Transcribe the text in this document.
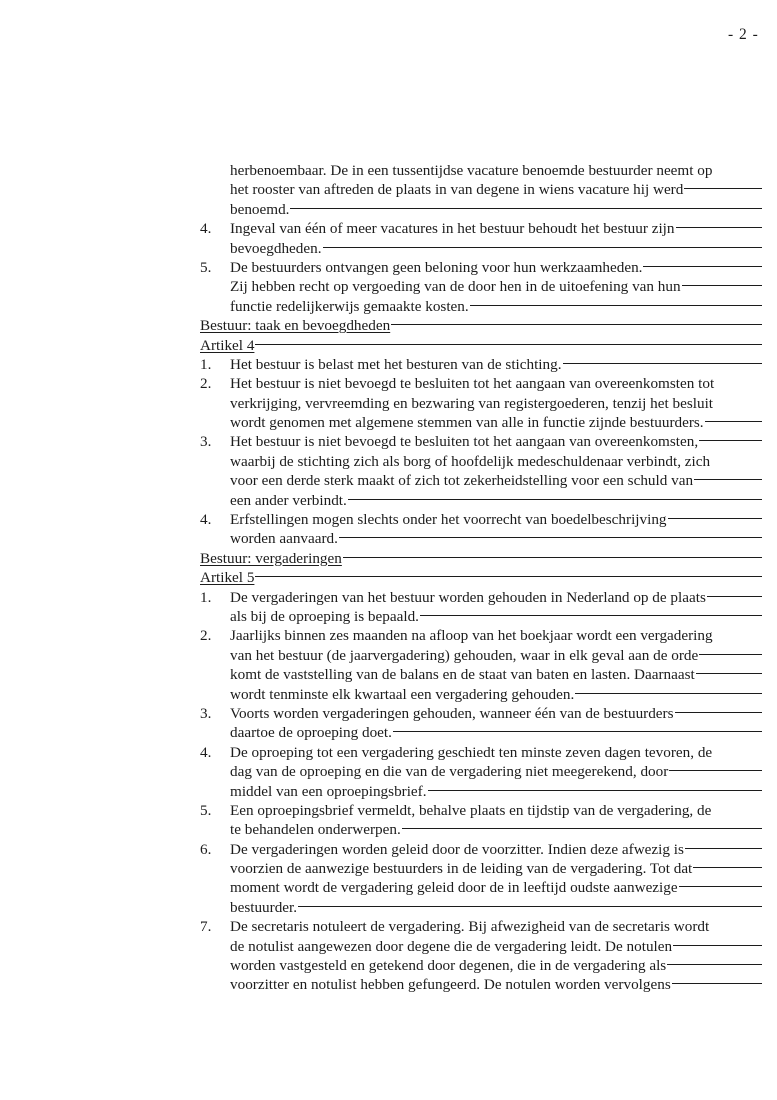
- 2 -
herbenoembaar. De in een tussentijdse vacature benoemde bestuurder neemt op
het rooster van aftreden de plaats in van degene in wiens vacature hij werd
benoemd.
4. Ingeval van één of meer vacatures in het bestuur behoudt het bestuur zijn
bevoegdheden.
5. De bestuurders ontvangen geen beloning voor hun werkzaamheden.
Zij hebben recht op vergoeding van de door hen in de uitoefening van hun
functie redelijkerwijs gemaakte kosten.
Bestuur: taak en bevoegdheden
Artikel 4
1. Het bestuur is belast met het besturen van de stichting.
2. Het bestuur is niet bevoegd te besluiten tot het aangaan van overeenkomsten tot
verkrijging, vervreemding en bezwaring van registergoederen, tenzij het besluit
wordt genomen met algemene stemmen van alle in functie zijnde bestuurders.
3. Het bestuur is niet bevoegd te besluiten tot het aangaan van overeenkomsten,
waarbij de stichting zich als borg of hoofdelijk medeschuldenaar verbindt, zich
voor een derde sterk maakt of zich tot zekerheidstelling voor een schuld van
een ander verbindt.
4. Erfstellingen mogen slechts onder het voorrecht van boedelbeschrijving
worden aanvaard.
Bestuur: vergaderingen
Artikel 5
1. De vergaderingen van het bestuur worden gehouden in Nederland op de plaats
als bij de oproeping is bepaald.
2. Jaarlijks binnen zes maanden na afloop van het boekjaar wordt een vergadering
van het bestuur (de jaarvergadering) gehouden, waar in elk geval aan de orde
komt de vaststelling van de balans en de staat van baten en lasten. Daarnaast
wordt tenminste elk kwartaal een vergadering gehouden.
3. Voorts worden vergaderingen gehouden, wanneer één van de bestuurders
daartoe de oproeping doet.
4. De oproeping tot een vergadering geschiedt ten minste zeven dagen tevoren, de
dag van de oproeping en die van de vergadering niet meegerekend, door
middel van een oproepingsbrief.
5. Een oproepingsbrief vermeldt, behalve plaats en tijdstip van de vergadering, de
te behandelen onderwerpen.
6. De vergaderingen worden geleid door de voorzitter. Indien deze afwezig is
voorzien de aanwezige bestuurders in de leiding van de vergadering. Tot dat
moment wordt de vergadering geleid door de in leeftijd oudste aanwezige
bestuurder.
7. De secretaris notuleert de vergadering. Bij afwezigheid van de secretaris wordt
de notulist aangewezen door degene die de vergadering leidt. De notulen
worden vastgesteld en getekend door degenen, die in de vergadering als
voorzitter en notulist hebben gefungeerd. De notulen worden vervolgens
